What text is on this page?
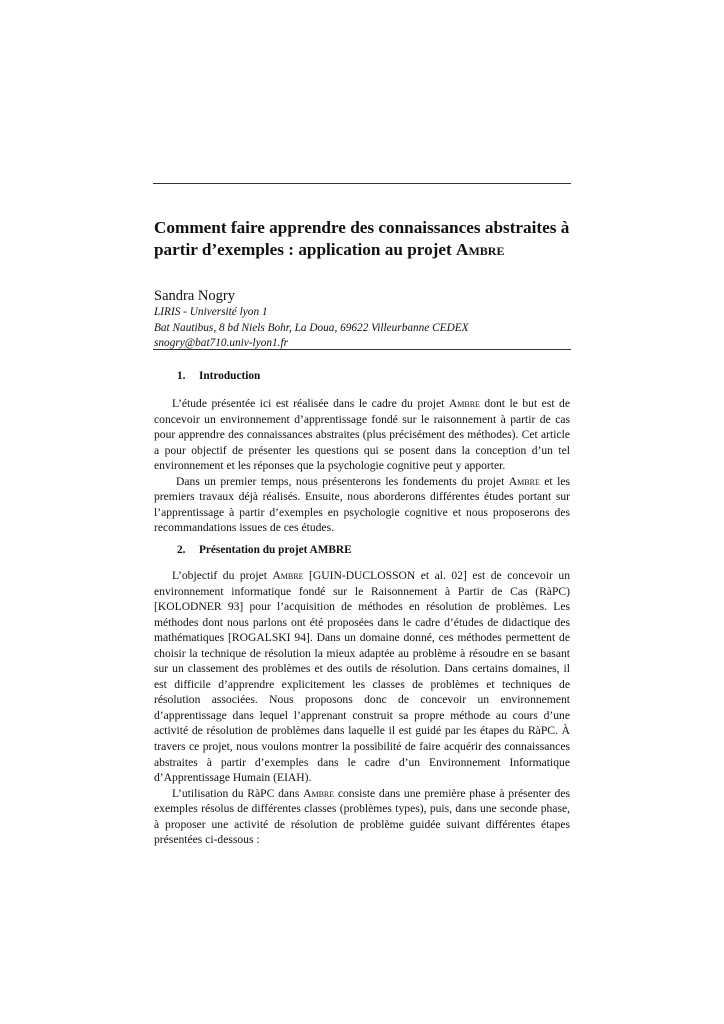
Comment faire apprendre des connaissances abstraites à partir d’exemples : application au projet Ambre

Sandra Nogry

LIRIS - Université lyon 1

Bat Nautibus, 8 bd Niels Bohr, La Doua, 69622 Villeurbanne CEDEX

snogry@bat710.univ-lyon1.fr

1. Introduction

L’étude présentée ici est réalisée dans le cadre du projet Ambre dont le but est de concevoir un environnement d’apprentissage fondé sur le raisonnement à partir de cas pour apprendre des connaissances abstraites (plus précisément des méthodes). Cet article a pour objectif de présenter les questions qui se posent dans la conception d’un tel environnement et les réponses que la psychologie cognitive peut y apporter.

Dans un premier temps, nous présenterons les fondements du projet Ambre et les premiers travaux déjà réalisés. Ensuite, nous aborderons différentes études portant sur l’apprentissage à partir d’exemples en psychologie cognitive et nous proposerons des recommandations issues de ces études.

2. Présentation du projet AMBRE

L’objectif du projet Ambre [GUIN-DUCLOSSON et al. 02] est de concevoir un environnement informatique fondé sur le Raisonnement à Partir de Cas (RàPC) [KOLODNER 93] pour l’acquisition de méthodes en résolution de problèmes. Les méthodes dont nous parlons ont été proposées dans le cadre d’études de didactique des mathématiques [ROGALSKI 94]. Dans un domaine donné, ces méthodes permettent de choisir la technique de résolution la mieux adaptée au problème à résoudre en se basant sur un classement des problèmes et des outils de résolution. Dans certains domaines, il est difficile d’apprendre explicitement les classes de problèmes et techniques de résolution associées. Nous proposons donc de concevoir un environnement d’apprentissage dans lequel l’apprenant construit sa propre méthode au cours d’une activité de résolution de problèmes dans laquelle il est guidé par les étapes du RàPC. À travers ce projet, nous voulons montrer la possibilité de faire acquérir des connaissances abstraites à partir d’exemples dans le cadre d’un Environnement Informatique d’Apprentissage Humain (EIAH).

L’utilisation du RàPC dans Ambre consiste dans une première phase à présenter des exemples résolus de différentes classes (problèmes types), puis, dans une seconde phase, à proposer une activité de résolution de problème guidée suivant différentes étapes présentées ci-dessous :
